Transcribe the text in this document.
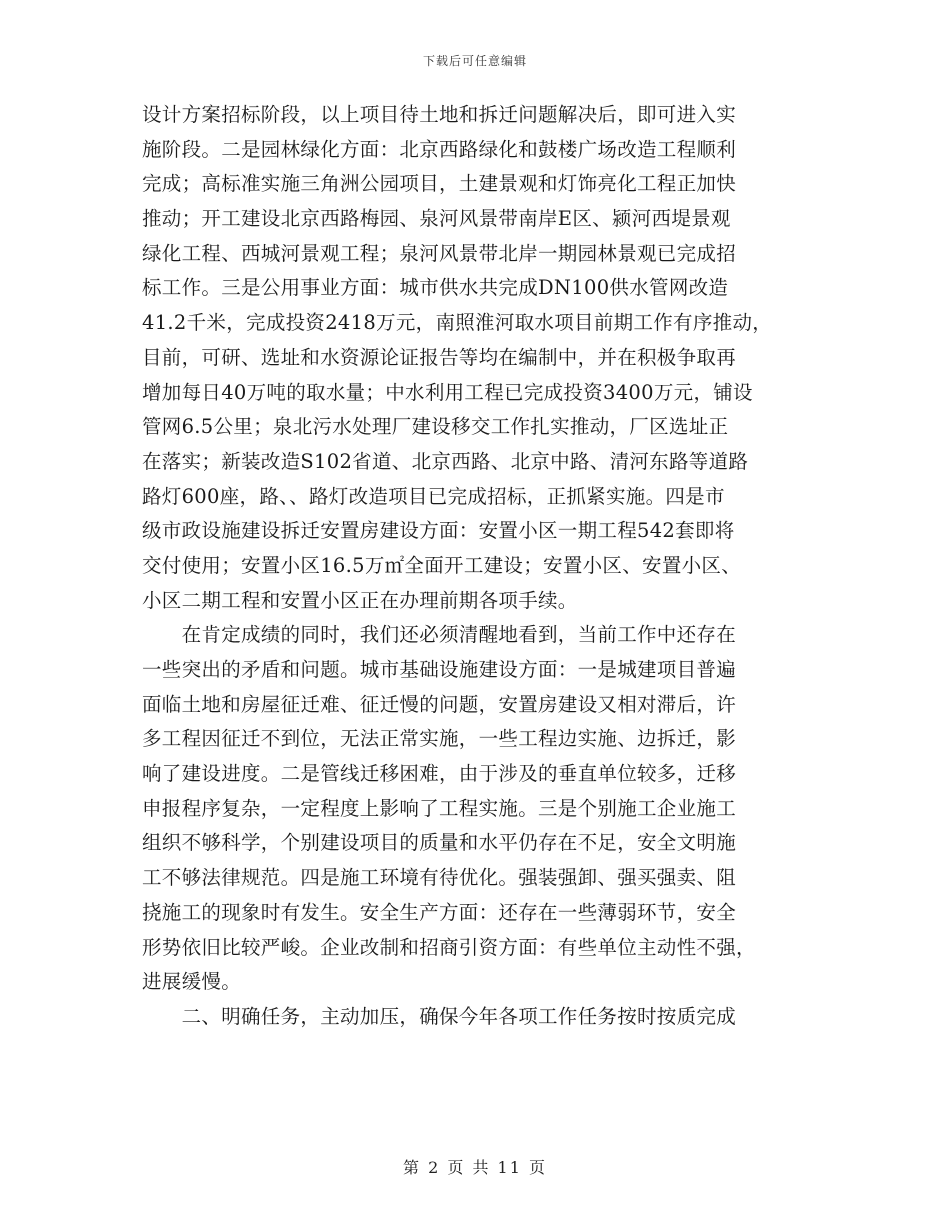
下载后可任意编辑
设计方案招标阶段，以上项目待土地和拆迁问题解决后，即可进入实
施阶段。二是园林绿化方面：北京西路绿化和鼓楼广场改造工程顺利
完成；高标准实施三角洲公园项目，土建景观和灯饰亮化工程正加快
推动；开工建设北京西路梅园、泉河风景带南岸E区、颍河西堤景观
绿化工程、西城河景观工程；泉河风景带北岸一期园林景观已完成招
标工作。三是公用事业方面：城市供水共完成DN100供水管网改造
41.2千米，完成投资2418万元，南照淮河取水项目前期工作有序推动，
目前，可研、选址和水资源论证报告等均在编制中，并在积极争取再
增加每日40万吨的取水量；中水利用工程已完成投资3400万元，铺设
管网6.5公里；泉北污水处理厂建设移交工作扎实推动，厂区选址正
在落实；新装改造S102省道、北京西路、北京中路、清河东路等道路
路灯600座，路、、路灯改造项目已完成招标，正抓紧实施。四是市
级市政设施建设拆迁安置房建设方面：安置小区一期工程542套即将
交付使用；安置小区16.5万㎡全面开工建设；安置小区、安置小区、
小区二期工程和安置小区正在办理前期各项手续。
　　在肯定成绩的同时，我们还必须清醒地看到，当前工作中还存在
一些突出的矛盾和问题。城市基础设施建设方面：一是城建项目普遍
面临土地和房屋征迁难、征迁慢的问题，安置房建设又相对滞后，许
多工程因征迁不到位，无法正常实施，一些工程边实施、边拆迁，影
响了建设进度。二是管线迁移困难，由于涉及的垂直单位较多，迁移
申报程序复杂，一定程度上影响了工程实施。三是个别施工企业施工
组织不够科学，个别建设项目的质量和水平仍存在不足，安全文明施
工不够法律规范。四是施工环境有待优化。强装强卸、强买强卖、阻
挠施工的现象时有发生。安全生产方面：还存在一些薄弱环节，安全
形势依旧比较严峻。企业改制和招商引资方面：有些单位主动性不强，
进展缓慢。
　　二、明确任务，主动加压，确保今年各项工作任务按时按质完成
第 2 页 共 11 页
